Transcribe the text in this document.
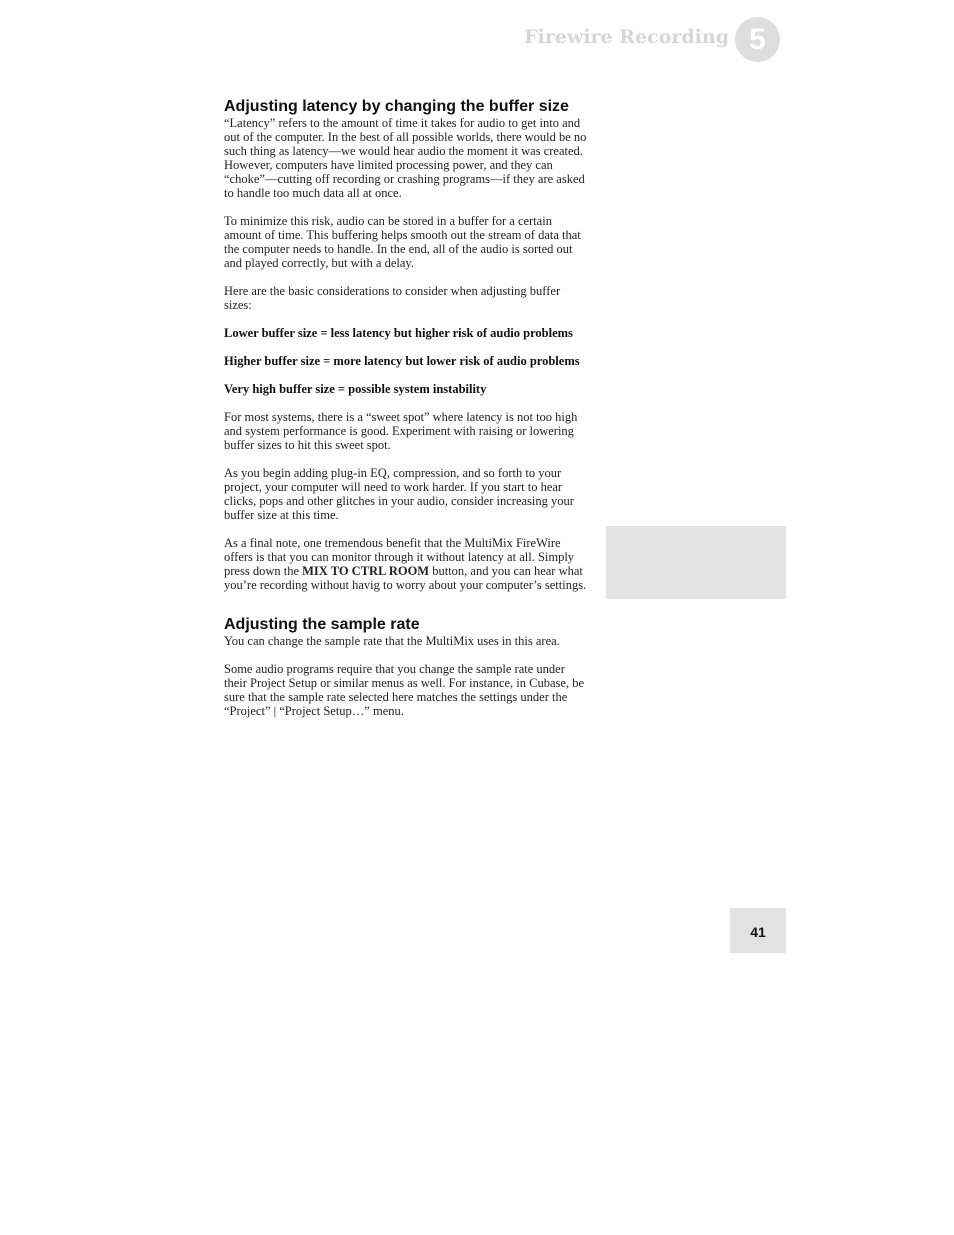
Firewire Recording 5
Adjusting latency by changing the buffer size

“Latency” refers to the amount of time it takes for audio to get into and out of the computer. In the best of all possible worlds, there would be no such thing as latency—we would hear audio the moment it was created. However, computers have limited processing power, and they can “choke”—cutting off recording or crashing programs—if they are asked to handle too much data all at once.

To minimize this risk, audio can be stored in a buffer for a certain amount of time. This buffering helps smooth out the stream of data that the computer needs to handle. In the end, all of the audio is sorted out and played correctly, but with a delay.

Here are the basic considerations to consider when adjusting buffer sizes:

Lower buffer size = less latency but higher risk of audio problems

Higher buffer size = more latency but lower risk of audio problems

Very high buffer size = possible system instability

For most systems, there is a “sweet spot” where latency is not too high and system performance is good. Experiment with raising or lowering buffer sizes to hit this sweet spot.

As you begin adding plug-in EQ, compression, and so forth to your project, your computer will need to work harder. If you start to hear clicks, pops and other glitches in your audio, consider increasing your buffer size at this time.

As a final note, one tremendous benefit that the MultiMix FireWire offers is that you can monitor through it without latency at all. Simply press down the MIX TO CTRL ROOM button, and you can hear what you’re recording without havig to worry about your computer’s settings.

Adjusting the sample rate

You can change the sample rate that the MultiMix uses in this area.

Some audio programs require that you change the sample rate under their Project Setup or similar menus as well. For instance, in Cubase, be sure that the sample rate selected here matches the settings under the “Project” | “Project Setup…” menu.

41
